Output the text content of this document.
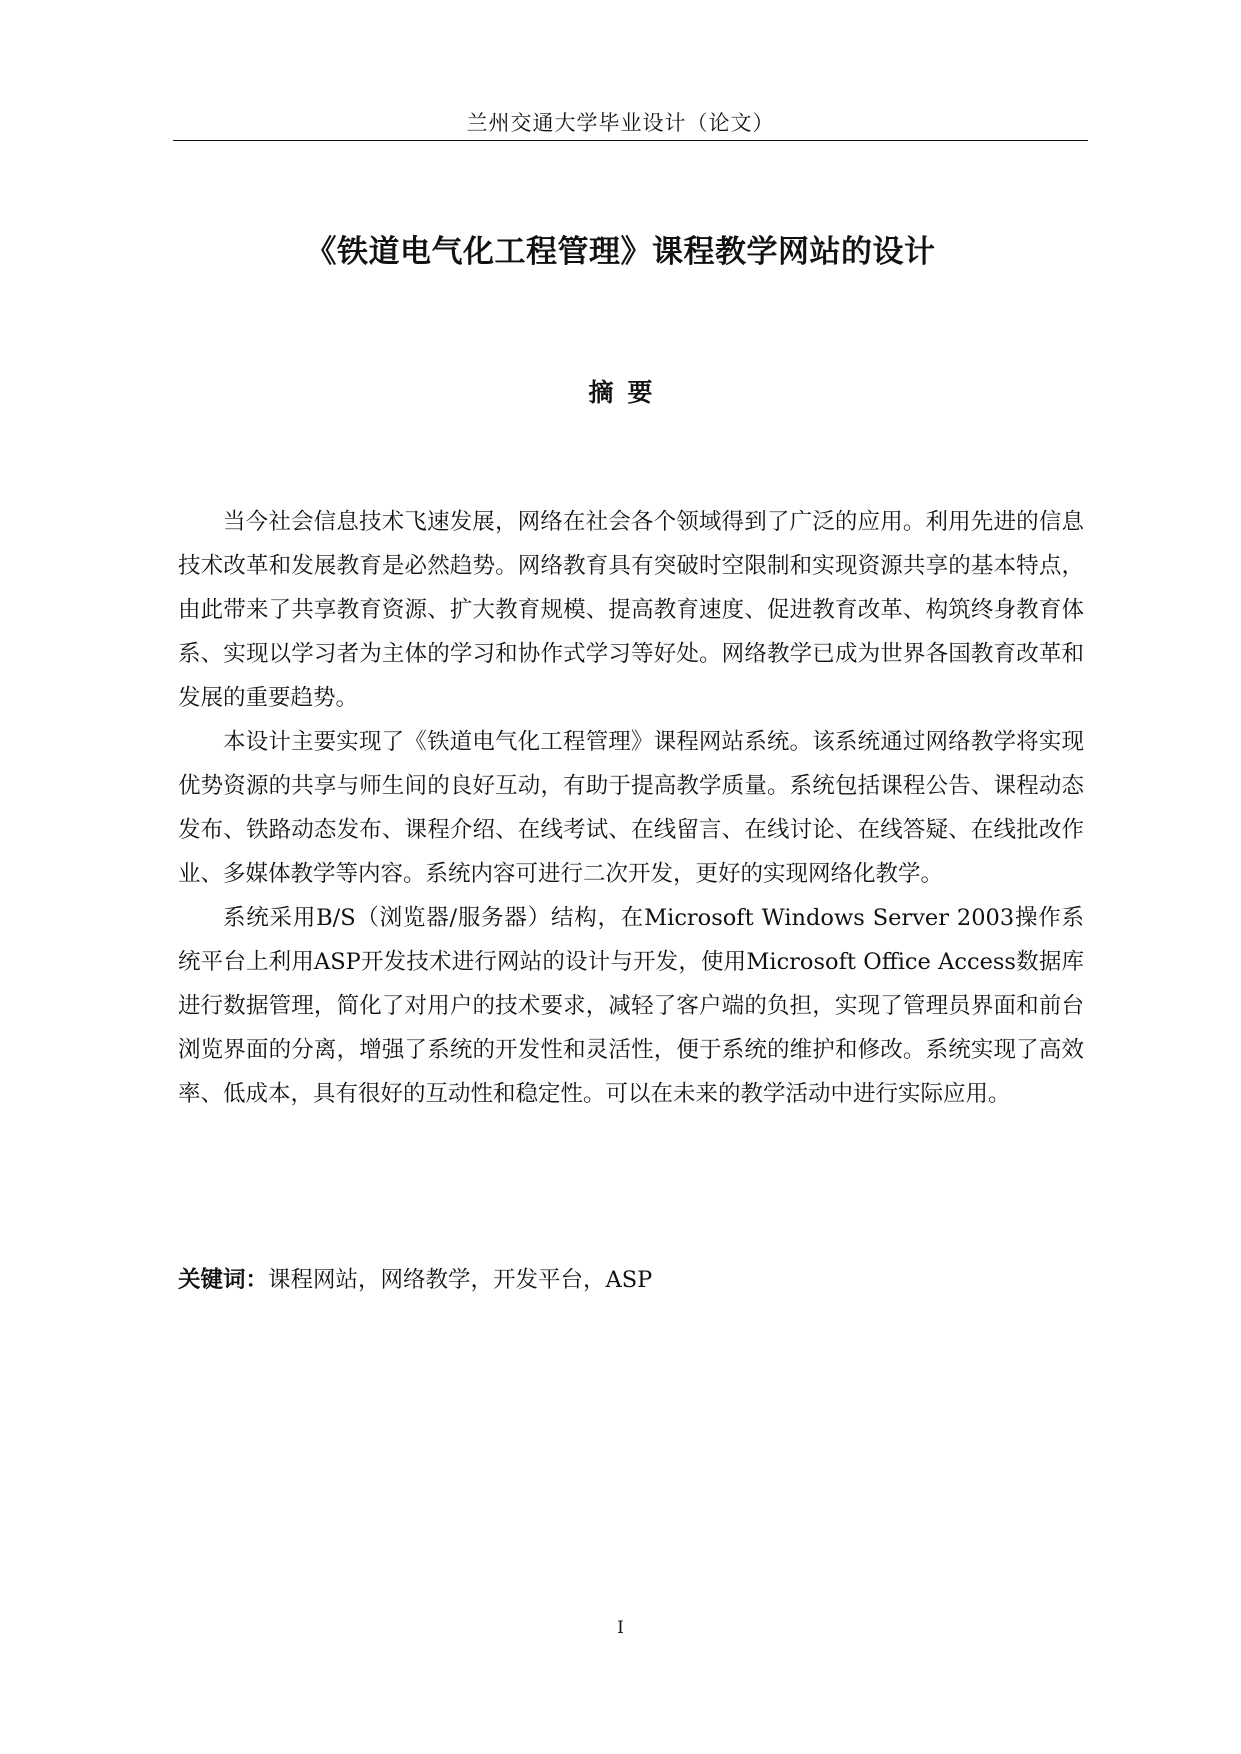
兰州交通大学毕业设计（论文）
《铁道电气化工程管理》课程教学网站的设计
摘要

当今社会信息技术飞速发展，网络在社会各个领域得到了广泛的应用。利用先进的信息技术改革和发展教育是必然趋势。网络教育具有突破时空限制和实现资源共享的基本特点，由此带来了共享教育资源、扩大教育规模、提高教育速度、促进教育改革、构筑终身教育体系、实现以学习者为主体的学习和协作式学习等好处。网络教学已成为世界各国教育改革和发展的重要趋势。

本设计主要实现了《铁道电气化工程管理》课程网站系统。该系统通过网络教学将实现优势资源的共享与师生间的良好互动，有助于提高教学质量。系统包括课程公告、课程动态发布、铁路动态发布、课程介绍、在线考试、在线留言、在线讨论、在线答疑、在线批改作业、多媒体教学等内容。系统内容可进行二次开发，更好的实现网络化教学。

系统采用B/S（浏览器/服务器）结构，在Microsoft Windows Server 2003操作系统平台上利用ASP开发技术进行网站的设计与开发，使用Microsoft Office Access数据库进行数据管理，简化了对用户的技术要求，减轻了客户端的负担，实现了管理员界面和前台浏览界面的分离，增强了系统的开发性和灵活性，便于系统的维护和修改。系统实现了高效率、低成本，具有很好的互动性和稳定性。可以在未来的教学活动中进行实际应用。

关键词：课程网站，网络教学，开发平台，ASP
I
